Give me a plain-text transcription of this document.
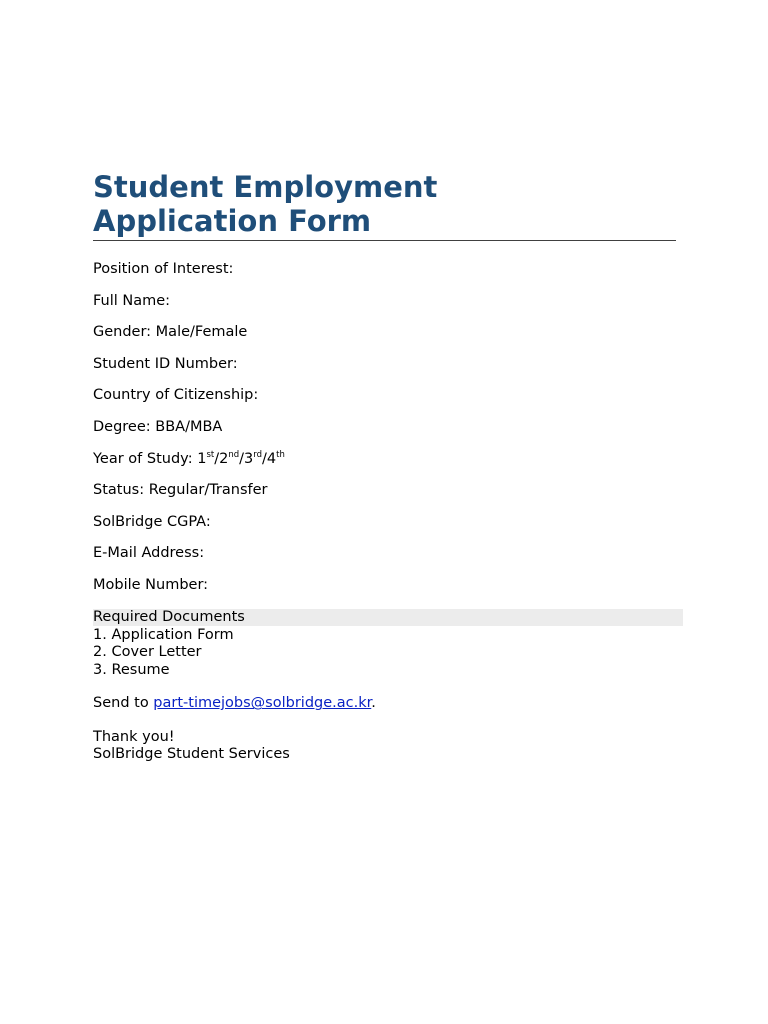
Student Employment
Application Form
Position of Interest:
Full Name:
Gender: Male/Female
Student ID Number:
Country of Citizenship:
Degree: BBA/MBA
Year of Study: 1st/2nd/3rd/4th
Status: Regular/Transfer
SolBridge CGPA:
E-Mail Address:
Mobile Number:
Required Documents
1. Application Form
2. Cover Letter
3. Resume
Send to part-timejobs@solbridge.ac.kr.
Thank you!
SolBridge Student Services
